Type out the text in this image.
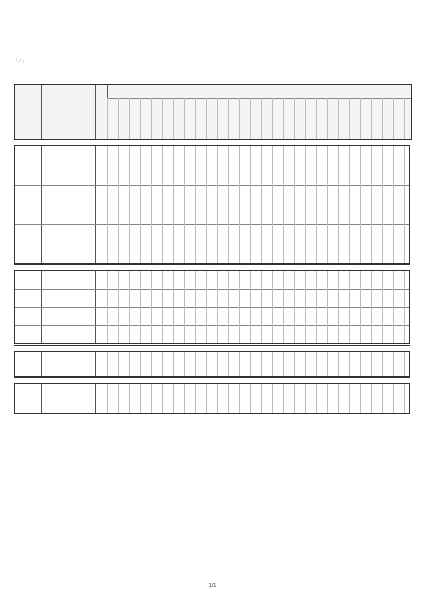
「／」
1/1
